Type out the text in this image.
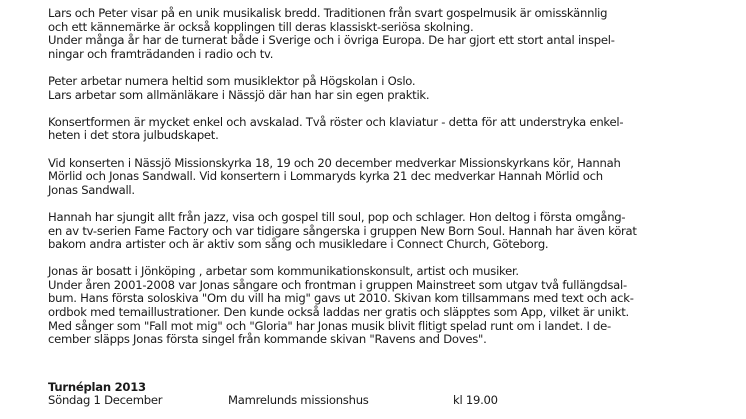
Lars och Peter visar på en unik musikalisk bredd. Traditionen från svart gospelmusik är omisskännlig
och ett kännemärke är också kopplingen till deras klassiskt-seriösa skolning.
Under många år har de turnerat både i Sverige och i övriga Europa. De har gjort ett stort antal inspel-
ningar och framträdanden i radio och tv.
Peter arbetar numera heltid som musiklektor på Högskolan i Oslo.
Lars arbetar som allmänläkare i Nässjö där han har sin egen praktik.
Konsertformen är mycket enkel och avskalad. Två röster och klaviatur - detta för att understryka enkel-
heten i det stora julbudskapet.
Vid konserten i Nässjö Missionskyrka 18, 19 och 20 december medverkar Missionskyrkans kör, Hannah
Mörlid och Jonas Sandwall. Vid konsertern i Lommaryds kyrka 21 dec medverkar Hannah Mörlid och
Jonas Sandwall.
Hannah har sjungit allt från jazz, visa och gospel till soul, pop och schlager. Hon deltog i första omgång-
en av tv-serien Fame Factory och var tidigare sångerska i gruppen New Born Soul. Hannah har även körat
bakom andra artister och är aktiv som sång och musikledare i Connect Church, Göteborg.
Jonas är bosatt i Jönköping , arbetar som kommunikationskonsult, artist och musiker.
Under åren 2001-2008 var Jonas sångare och frontman i gruppen Mainstreet som utgav två fullängdsal-
bum. Hans första soloskiva "Om du vill ha mig" gavs ut 2010. Skivan kom tillsammans med text och ack-
ordbok med temaillustrationer. Den kunde också laddas ner gratis och släpptes som App, vilket är unikt.
Med sånger som "Fall mot mig" och "Gloria" har Jonas musik blivit flitigt spelad runt om i landet. I de-
cember släpps Jonas första singel från kommande skivan "Ravens and Doves".
Turnéplan 2013
Söndag 1 December	Mamrelunds missionshus	kl 19.00
